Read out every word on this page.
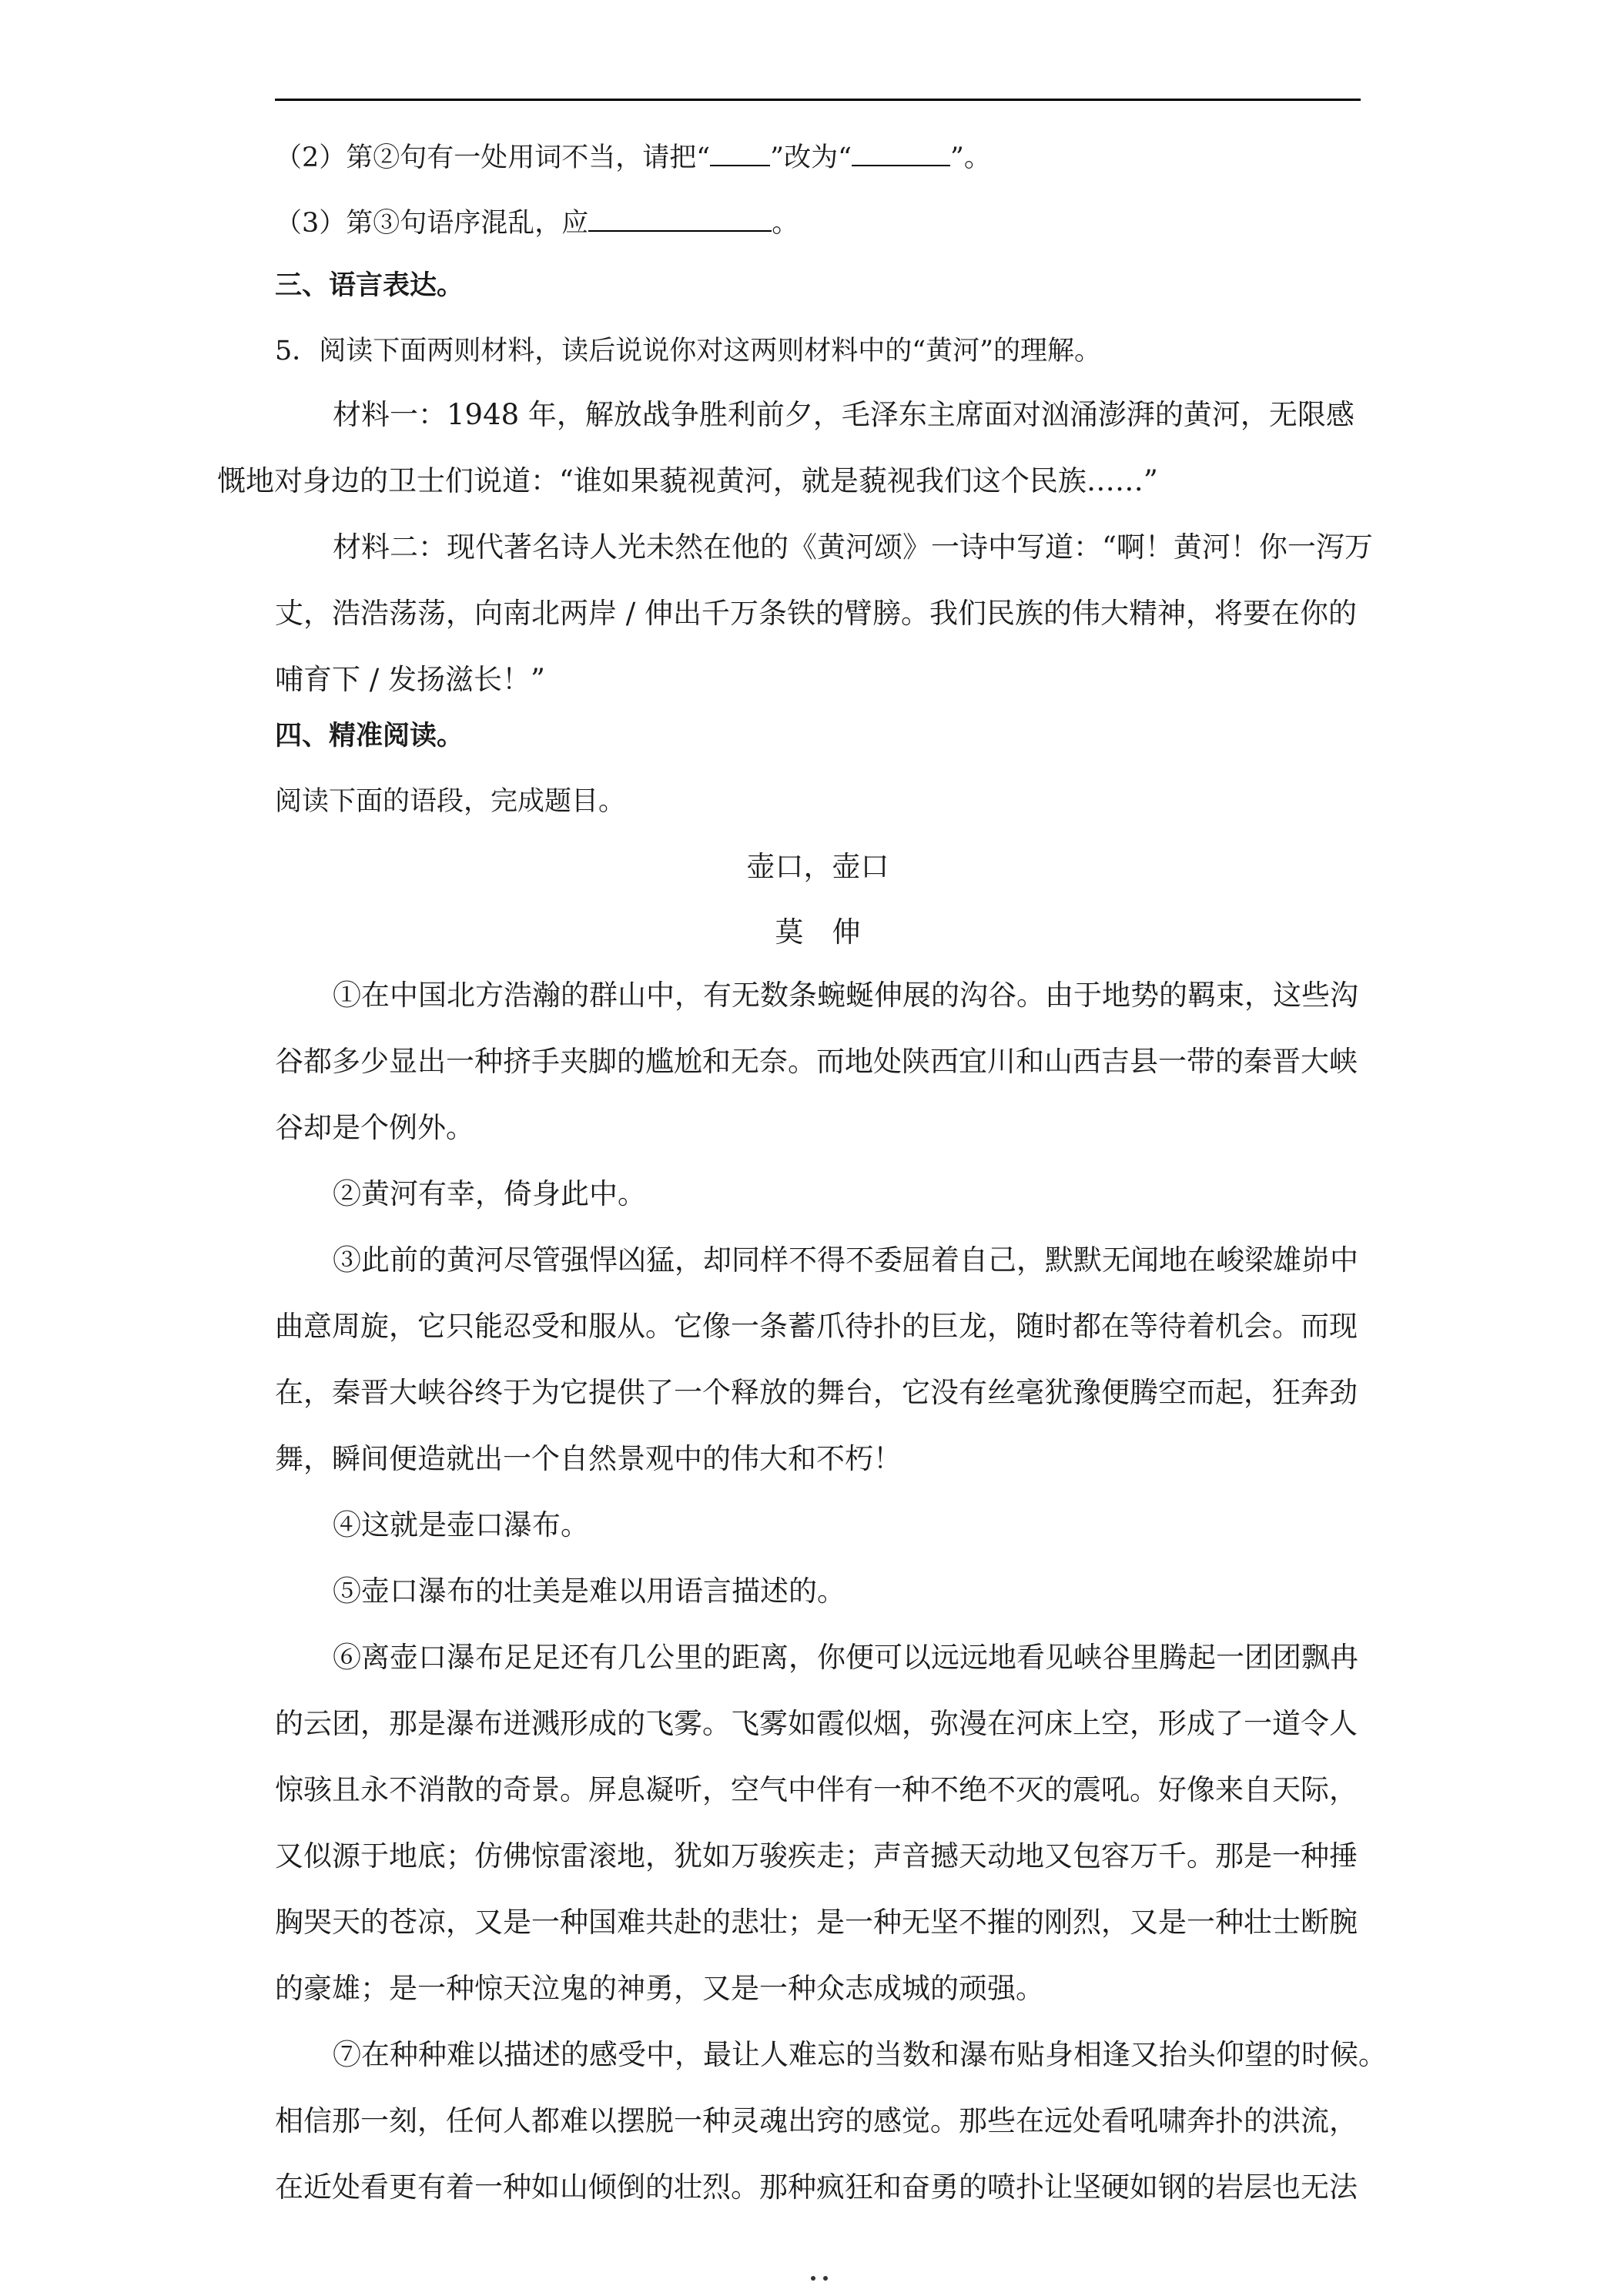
（2）第②句有一处用词不当，请把“ ”改为“	”。
（3）第③句语序混乱，应	。
三、语言表达。
5．阅读下面两则材料，读后说说你对这两则材料中的“黄河”的理解。
材料一：1948 年，解放战争胜利前夕，毛泽东主席面对汹涌澎湃的黄河，无限感
慨地对身边的卫士们说道：“谁如果藐视黄河，就是藐视我们这个民族……”
材料二：现代著名诗人光未然在他的《黄河颂》一诗中写道：“啊！黄河！你一泻万
丈，浩浩荡荡，向南北两岸 / 伸出千万条铁的臂膀。我们民族的伟大精神，将要在你的
哺育下 / 发扬滋长！”
四、精准阅读。
阅读下面的语段，完成题目。
壶口，壶口
莫　伸
①在中国北方浩瀚的群山中，有无数条蜿蜒伸展的沟谷。由于地势的羁束，这些沟
谷都多少显出一种挤手夹脚的尴尬和无奈。而地处陕西宜川和山西吉县一带的秦晋大峡
谷却是个例外。
②黄河有幸，倚身此中。
③此前的黄河尽管强悍凶猛，却同样不得不委屈着自己，默默无闻地在峻梁雄峁中
曲意周旋，它只能忍受和服从。它像一条蓄爪待扑的巨龙，随时都在等待着机会。而现
在，秦晋大峡谷终于为它提供了一个释放的舞台，它没有丝毫犹豫便腾空而起，狂奔劲
舞，瞬间便造就出一个自然景观中的伟大和不朽！
④这就是壶口瀑布。
⑤壶口瀑布的壮美是难以用语言描述的。
⑥离壶口瀑布足足还有几公里的距离，你便可以远远地看见峡谷里腾起一团团飘冉
的云团，那是瀑布迸溅形成的飞雾。飞雾如霞似烟，弥漫在河床上空，形成了一道令人
惊骇且永不消散的奇景。屏息凝听，空气中伴有一种不绝不灭的震吼。好像来自天际，
又似源于地底；仿佛惊雷滚地，犹如万骏疾走；声音撼天动地又包容万千。那是一种捶
胸哭天的苍凉，又是一种国难共赴的悲壮；是一种无坚不摧的刚烈，又是一种壮士断腕
的豪雄；是一种惊天泣鬼的神勇，又是一种众志成城的顽强。
⑦在种种难以描述的感受中，最让人难忘的当数和瀑布贴身相逢又抬头仰望的时候。
相信那一刻，任何人都难以摆脱一种灵魂出窍的感觉。那些在远处看吼啸奔扑的洪流，
在近处看更有着一种如山倾倒的壮烈。那种疯狂和奋勇的喷扑让坚硬如钢的岩层也无法
